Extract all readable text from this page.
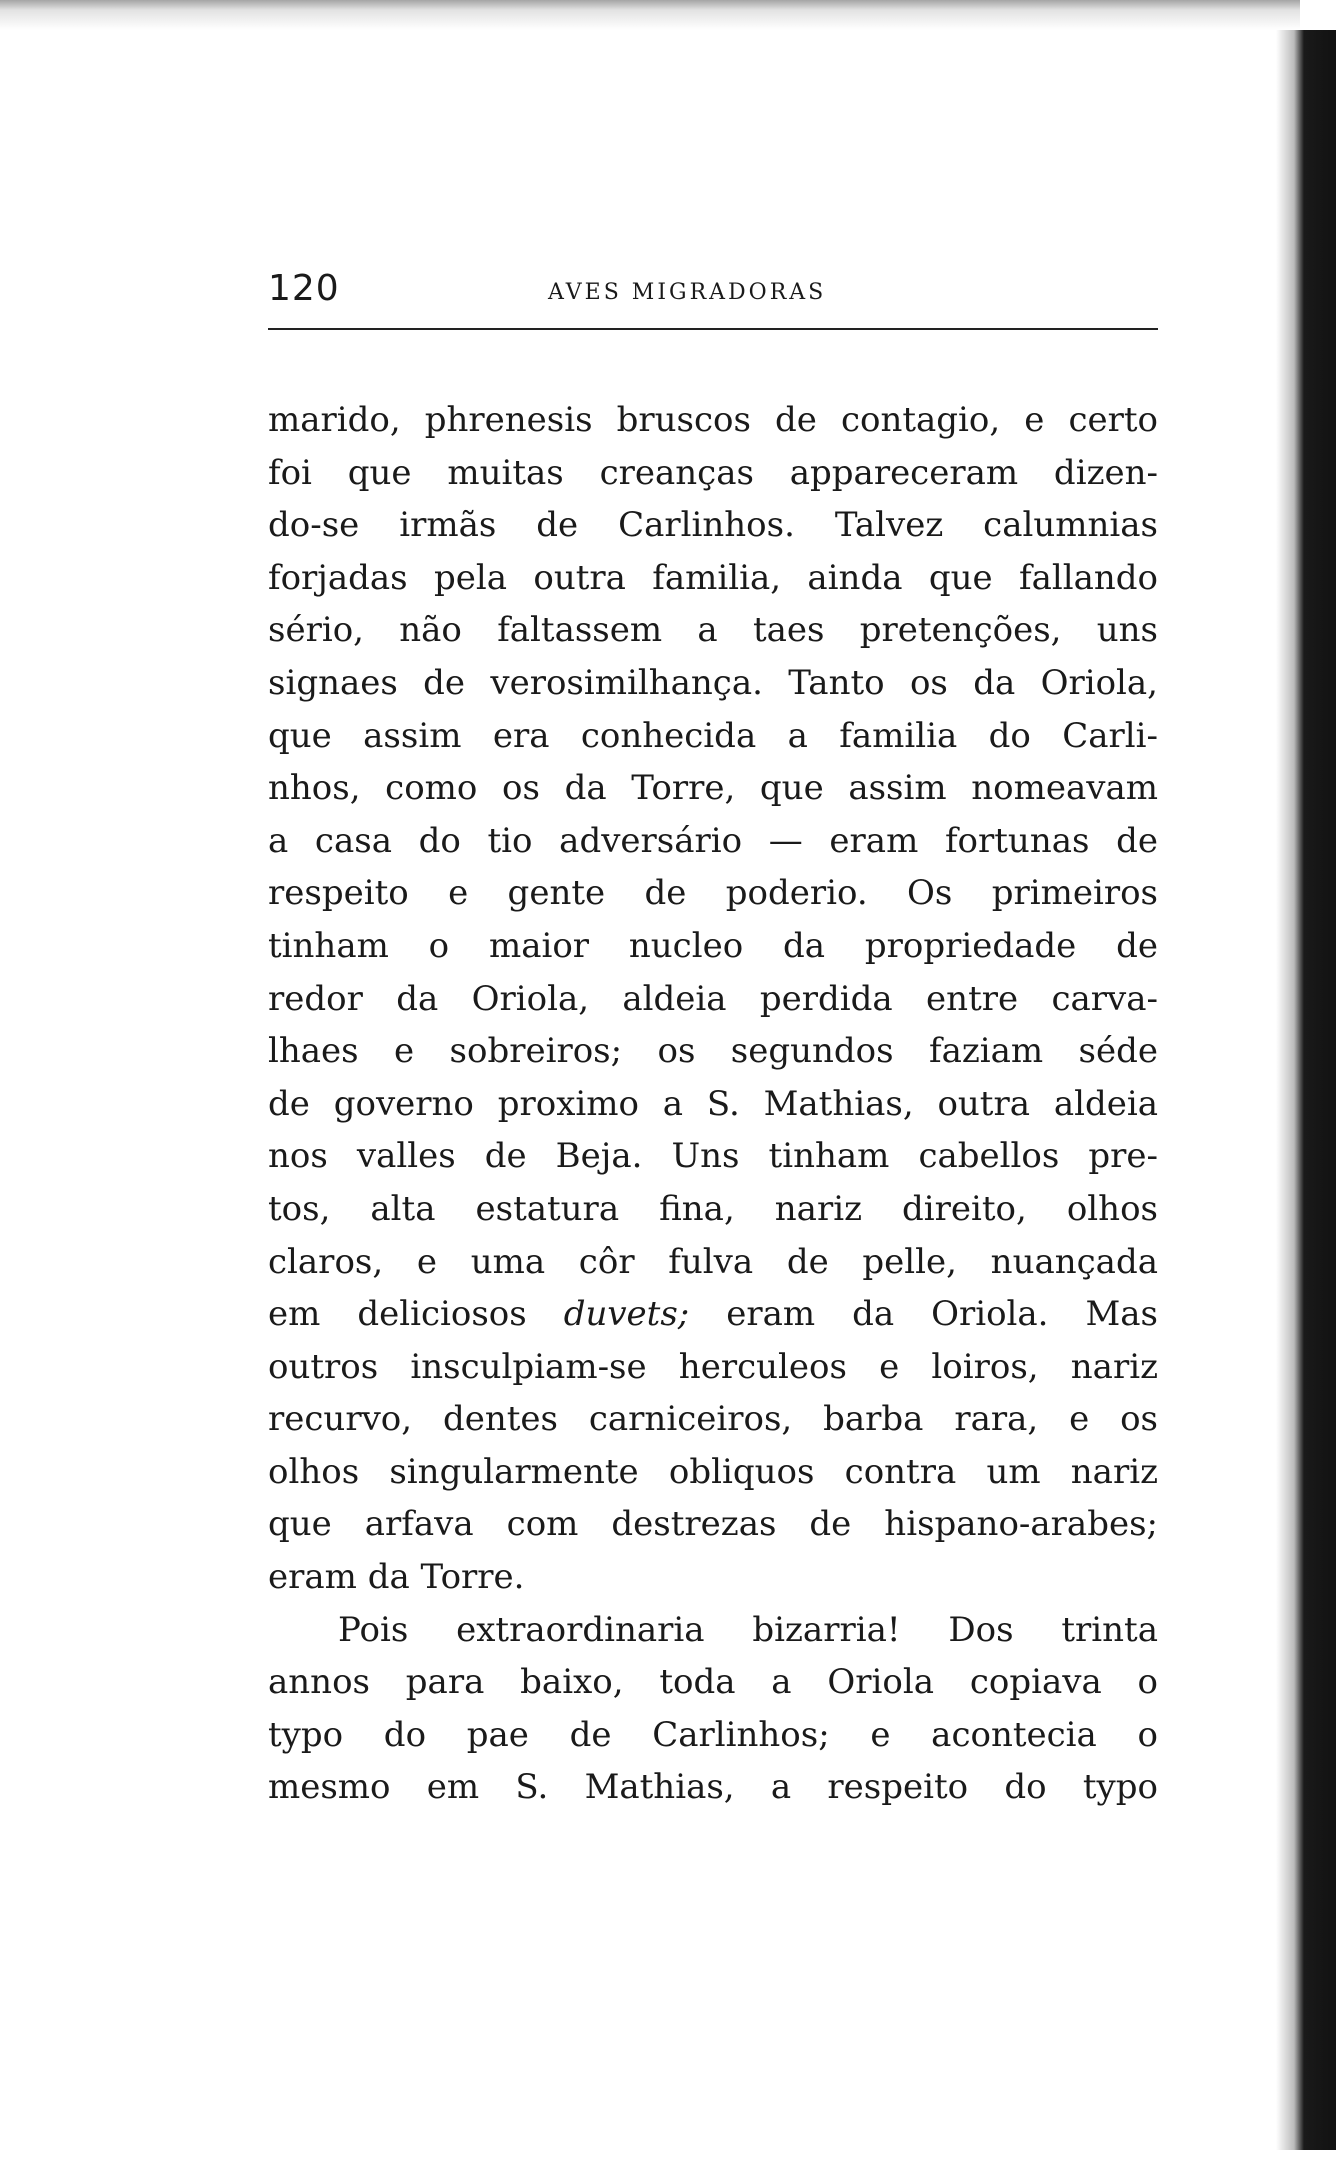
120	AVES MIGRADORAS
marido, phrenesis bruscos de contagio, e certo
foi que muitas creanças appareceram dizen-
do-se irmãs de Carlinhos. Talvez calumnias
forjadas pela outra familia, ainda que fallando
sério, não faltassem a taes pretenções, uns
signaes de verosimilhança. Tanto os da Oriola,
que assim era conhecida a familia do Carli-
nhos, como os da Torre, que assim nomeavam
a casa do tio adversário — eram fortunas de
respeito e gente de poderio. Os primeiros
tinham o maior nucleo da propriedade de
redor da Oriola, aldeia perdida entre carva-
lhaes e sobreiros; os segundos faziam séde
de governo proximo a S. Mathias, outra aldeia
nos valles de Beja. Uns tinham cabellos pre-
tos, alta estatura fina, nariz direito, olhos
claros, e uma côr fulva de pelle, nuançada
em deliciosos duvets; eram da Oriola. Mas
outros insculpiam-se herculeos e loiros, nariz
recurvo, dentes carniceiros, barba rara, e os
olhos singularmente obliquos contra um nariz
que arfava com destrezas de hispano-arabes;
eram da Torre.
Pois extraordinaria bizarria! Dos trinta
annos para baixo, toda a Oriola copiava o
typo do pae de Carlinhos; e acontecia o
mesmo em S. Mathias, a respeito do typo
